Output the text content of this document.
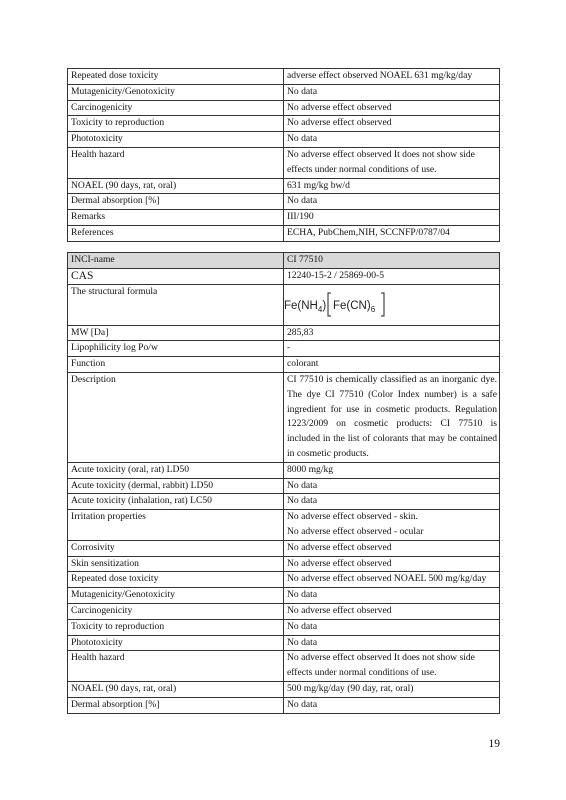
Repeated dose toxicity	adverse effect observed NOAEL 631 mg/kg/day
Mutagenicity/Genotoxicity	No data
Carcinogenicity	No adverse effect observed
Toxicity to reproduction	No adverse effect observed
Phototoxicity	No data
Health hazard	No adverse effect observed It does not show side effects under normal conditions of use.
NOAEL (90 days, rat, oral)	631 mg/kg bw/d
Dermal absorption [%]	No data
Remarks	III/190
References	ECHA, PubChem,NIH, SCCNFP/0787/04
INCI-name	CI 77510
CAS	12240-15-2 / 25869-00-5
The structural formula	$Fe(NH_4)$ $Fe(CN)_6$

MW [Da]	285,83
Lipophilicity log Po/w	-
Function	colorant
Description	CI 77510 is chemically classified as an inorganic dye. The dye CI 77510 (Color Index number) is a safe ingredient for use in cosmetic products. Regulation 1223/2009 on cosmetic products: CI 77510 is included in the list of colorants that may be contained in cosmetic products.
Acute toxicity (oral, rat) LD50	8000 mg/kg
Acute toxicity (dermal, rabbit) LD50	No data
Acute toxicity (inhalation, rat) LC50	No data
Irritation properties	No adverse effect observed - skin.
No adverse effect observed - ocular

Corrosivity	No adverse effect observed
Skin sensitization	No adverse effect observed
Repeated dose toxicity	No adverse effect observed NOAEL 500 mg/kg/day
Mutagenicity/Genotoxicity	No data
Carcinogenicity	No adverse effect observed
Toxicity to reproduction	No data
Phototoxicity	No data
Health hazard	No adverse effect observed It does not show side effects under normal conditions of use.
NOAEL (90 days, rat, oral)	500 mg/kg/day (90 day, rat, oral)
Dermal absorption [%]	No data
19
